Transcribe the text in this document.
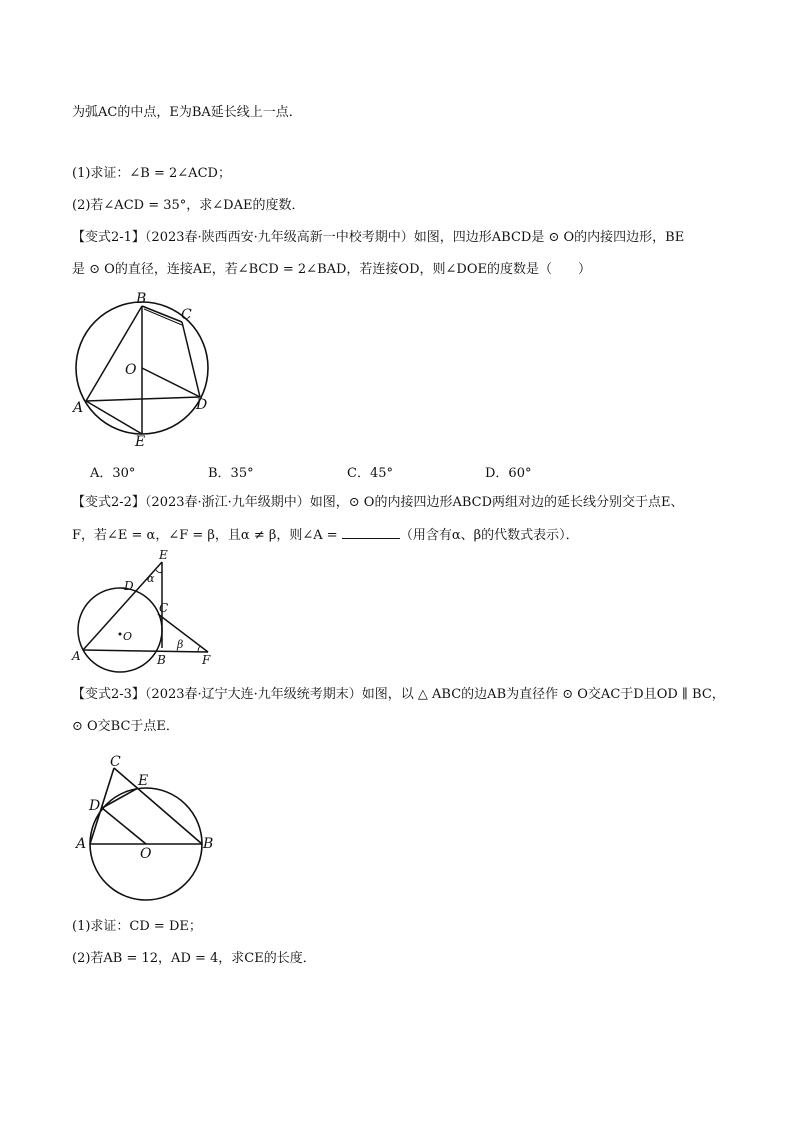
为弧AC的中点，E为BA延长线上一点．
(1)求证：∠B = 2∠ACD；
(2)若∠ACD = 35°，求∠DAE的度数．
【变式2-1】（2023春·陕西西安·九年级高新一中校考期中）如图，四边形ABCD是 ⊙ O的内接四边形，BE
是 ⊙ O的直径，连接AE，若∠BCD = 2∠BAD，若连接OD，则∠DOE的度数是（　　）
B
C
O
A	D
E
A．30°	B．35°	C．45°	D．60°
【变式2-2】（2023春·浙江·九年级期中）如图，⊙ O的内接四边形ABCD两组对边的延长线分别交于点E、
F，若∠E = α，∠F = β，且α ≠ β，则∠A =	（用含有α、β的代数式表示）．
E
D
α
C
O
A	B
β
F
【变式2-3】（2023春·辽宁大连·九年级统考期末）如图，以 △ ABC的边AB为直径作 ⊙ O交AC于D且OD ∥ BC，
⊙ O交BC于点E．
C
E
D
A
O
B
(1)求证：CD = DE；
(2)若AB = 12，AD = 4，求CE的长度．
